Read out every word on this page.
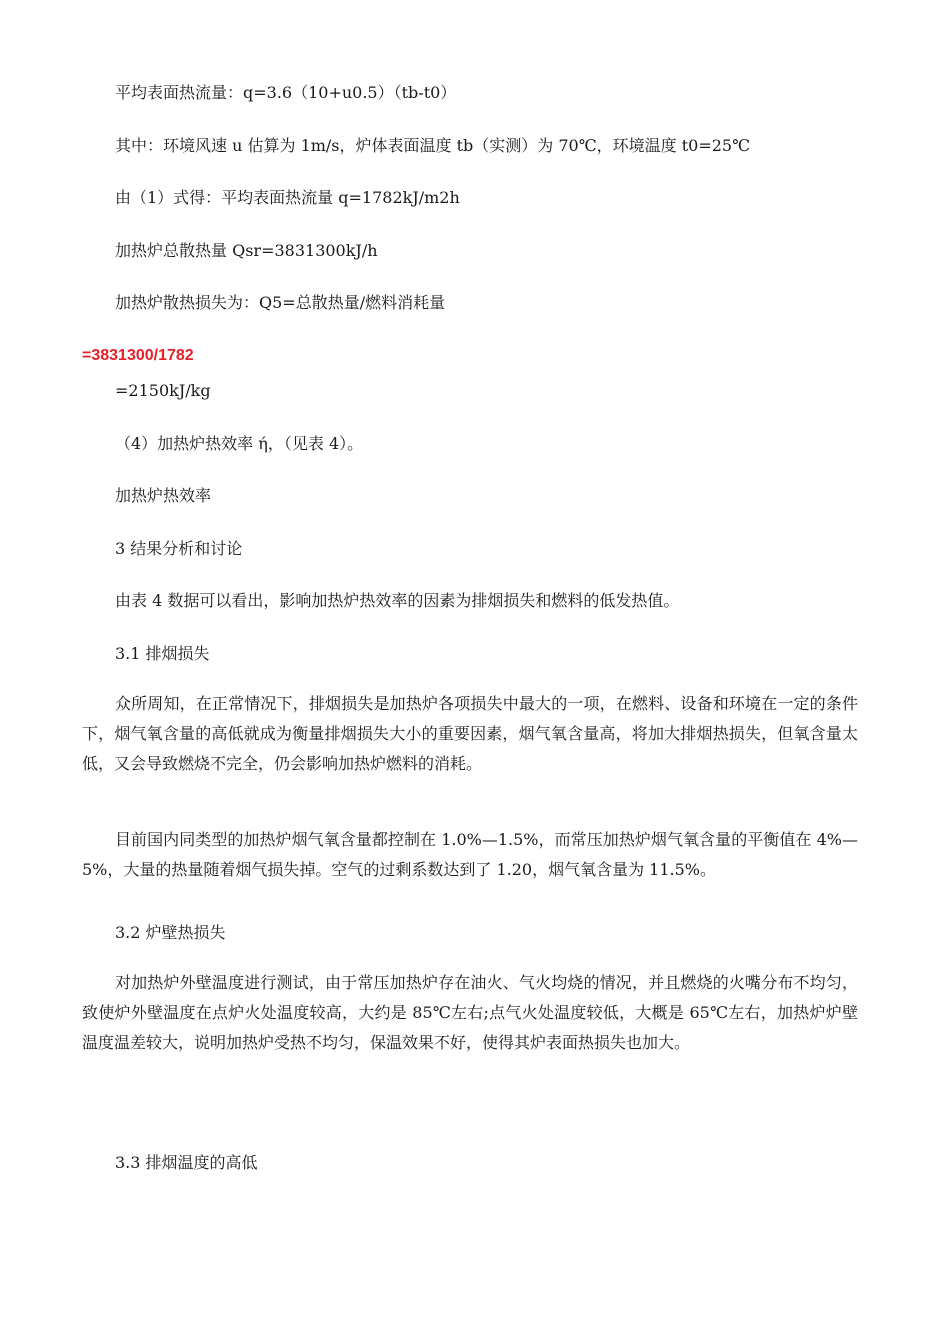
平均表面热流量：q=3.6（10+u0.5）（tb-t0）
其中：环境风速 u 估算为 1m/s，炉体表面温度 tb（实测）为 70℃，环境温度 t0=25℃
由（1）式得：平均表面热流量 q=1782kJ/m2h
加热炉总散热量 Qsr=3831300kJ/h
加热炉散热损失为：Q5=总散热量/燃料消耗量
=3831300/1782
=2150kJ/kg
（4）加热炉热效率 ή，（见表 4）。
加热炉热效率
3 结果分析和讨论
由表 4 数据可以看出，影响加热炉热效率的因素为排烟损失和燃料的低发热值。
3.1 排烟损失
众所周知，在正常情况下，排烟损失是加热炉各项损失中最大的一项，在燃料、设备和环境在一定的条件下，烟气氧含量的高低就成为衡量排烟损失大小的重要因素，烟气氧含量高，将加大排烟热损失，但氧含量太低，又会导致燃烧不完全，仍会影响加热炉燃料的消耗。
目前国内同类型的加热炉烟气氧含量都控制在 1.0%—1.5%，而常压加热炉烟气氧含量的平衡值在 4%—5%，大量的热量随着烟气损失掉。空气的过剩系数达到了 1.20，烟气氧含量为 11.5%。
3.2 炉壁热损失
对加热炉外壁温度进行测试，由于常压加热炉存在油火、气火均烧的情况，并且燃烧的火嘴分布不均匀，致使炉外壁温度在点炉火处温度较高，大约是 85℃左右;点气火处温度较低，大概是 65℃左右，加热炉炉壁温度温差较大，说明加热炉受热不均匀，保温效果不好，使得其炉表面热损失也加大。
3.3 排烟温度的高低
